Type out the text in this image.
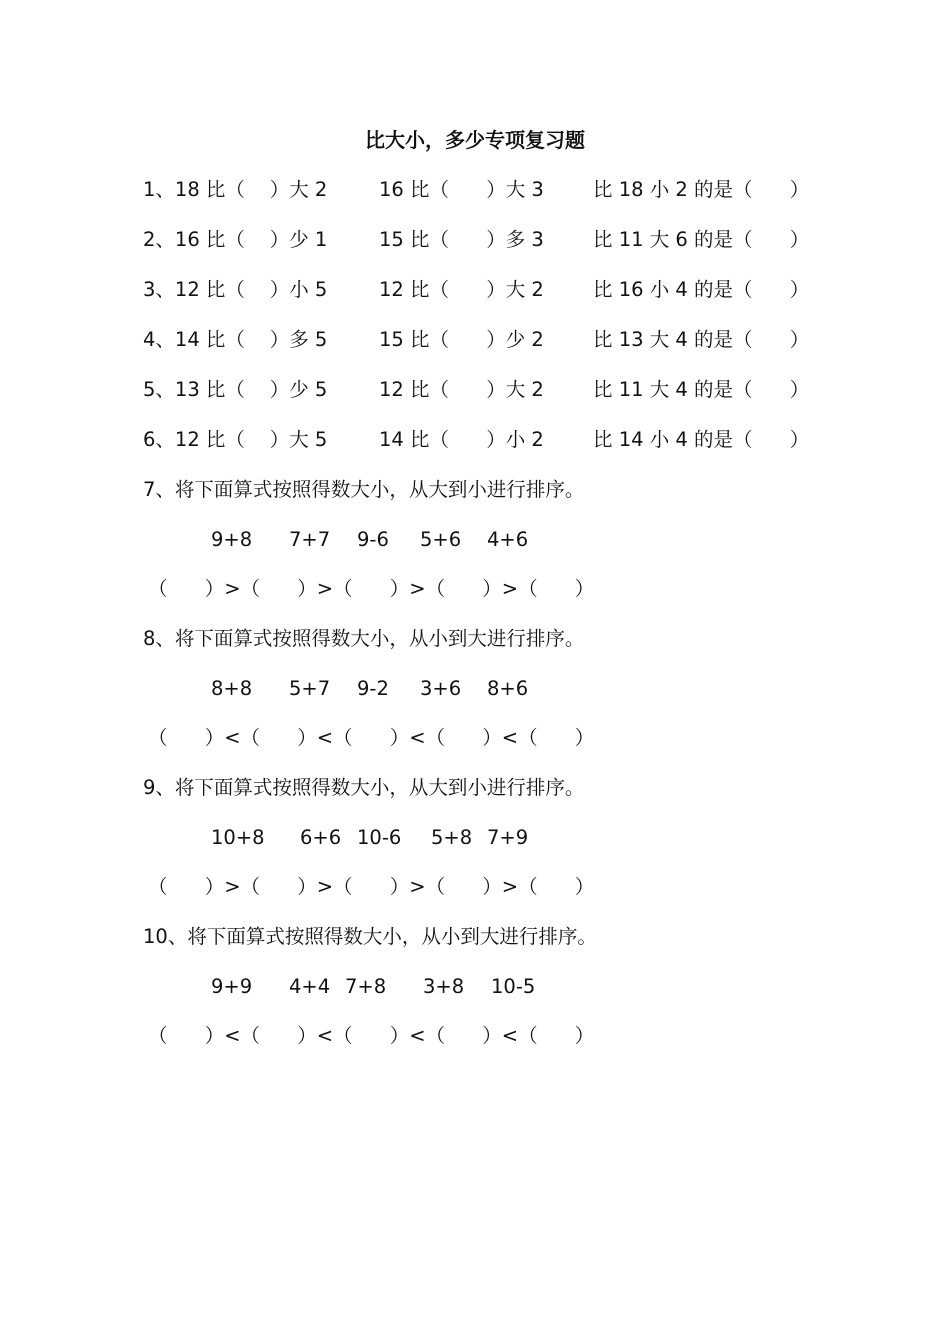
比大小，多少专项复习题
1、18 比（    ）大 2	16 比（      ）大 3	比 18 小 2 的是（      ）
2、16 比（    ）少 1	15 比（      ）多 3	比 11 大 6 的是（      ）
3、12 比（    ）小 5	12 比（      ）大 2	比 16 小 4 的是（      ）
4、14 比（    ）多 5	15 比（      ）少 2	比 13 大 4 的是（      ）
5、13 比（    ）少 5	12 比（      ）大 2	比 11 大 4 的是（      ）
6、12 比（    ）大 5	14 比（      ）小 2	比 14 小 4 的是（      ）
7、将下面算式按照得数大小，从大到小进行排序。
9+8 7+7 9-6 5+6 4+6
（      ）>（      ）>（      ）>（      ）>（      ）
8、将下面算式按照得数大小，从小到大进行排序。
8+8 5+7 9-2 3+6 8+6
（      ）<（      ）<（      ）<（      ）<（      ）
9、将下面算式按照得数大小，从大到小进行排序。
10+8 6+6 10-6 5+8 7+9
（      ）>（      ）>（      ）>（      ）>（      ）
10、将下面算式按照得数大小，从小到大进行排序。
9+9 4+4 7+8 3+8 10-5
（      ）<（      ）<（      ）<（      ）<（      ）
